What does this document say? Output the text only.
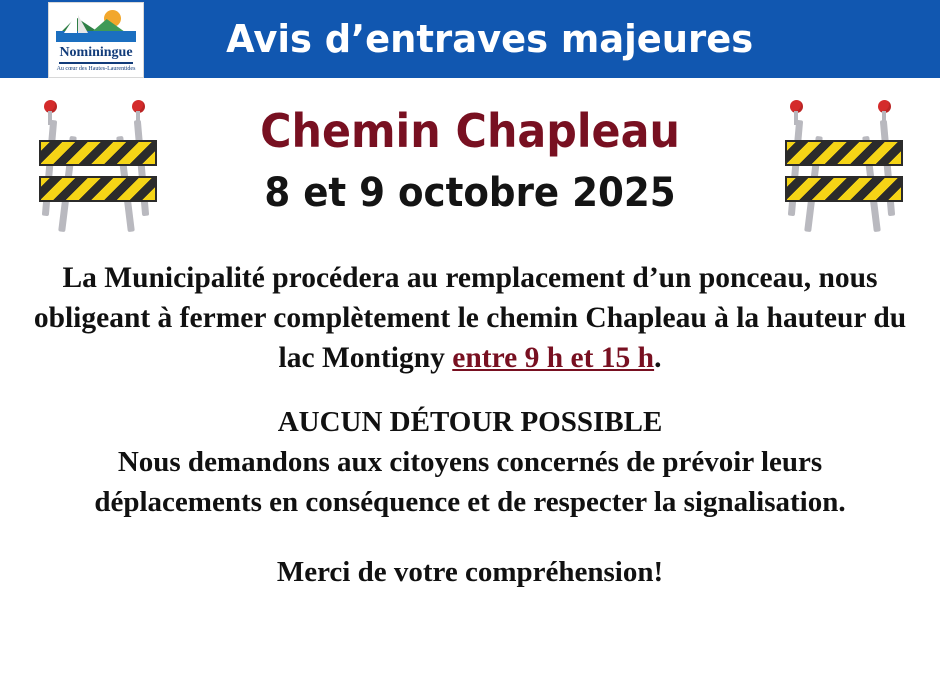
Nominingue
Au cœur des Hautes-Laurentides
Avis d’entraves majeures
Chemin Chapleau
8 et 9 octobre 2025

La Municipalité procédera au remplacement d’un ponceau, nous obligeant à fermer complètement le chemin Chapleau à la hauteur du lac Montigny entre 9 h et 15 h.

AUCUN DÉTOUR POSSIBLE
Nous demandons aux citoyens concernés de prévoir leurs déplacements en conséquence et de respecter la signalisation.

Merci de votre compréhension!
